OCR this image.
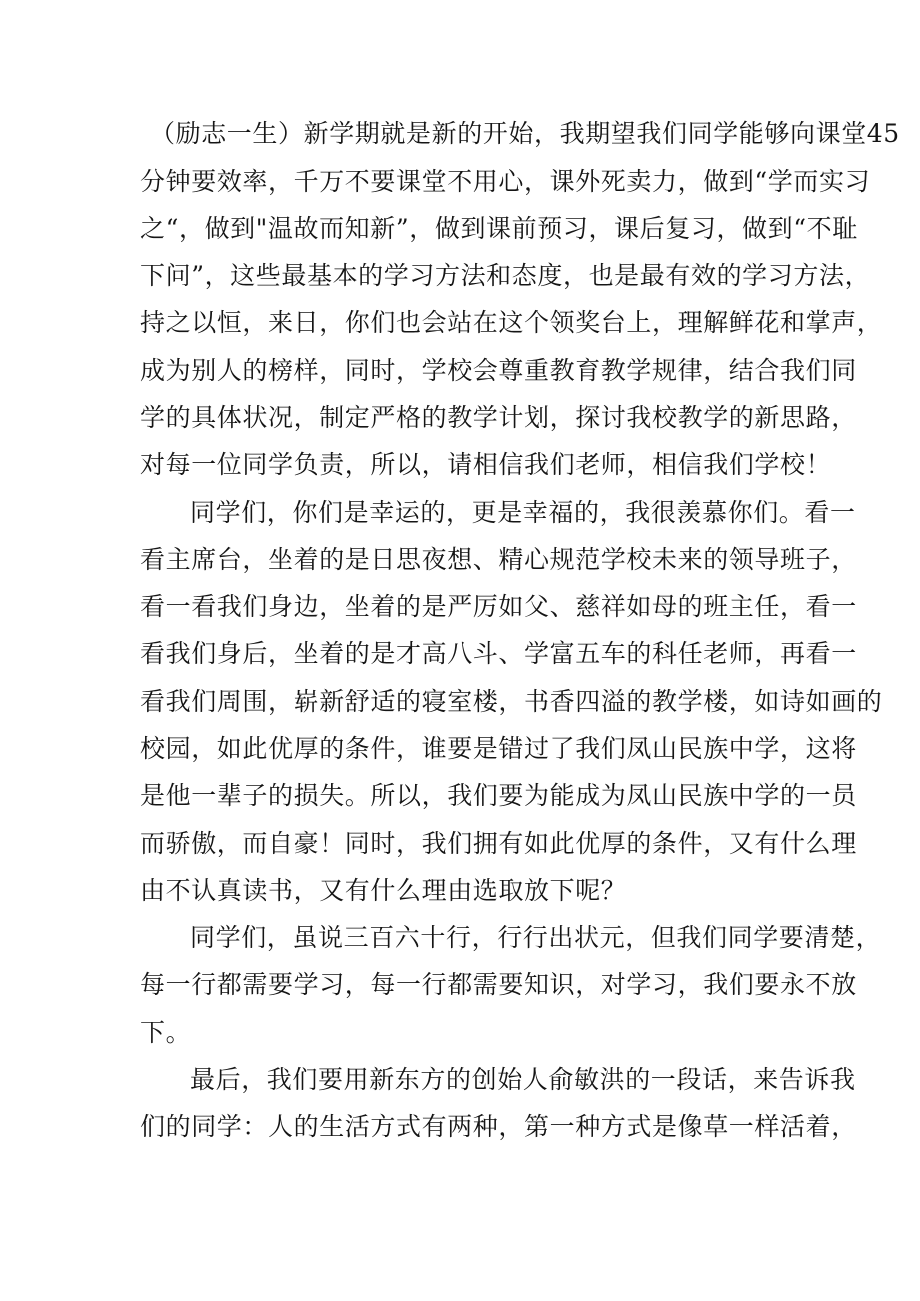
（励志一生）新学期就是新的开始，我期望我们同学能够向课堂45
分钟要效率，千万不要课堂不用心，课外死卖力，做到“学而实习
之“，做到"温故而知新”，做到课前预习，课后复习，做到“不耻
下问”，这些最基本的学习方法和态度，也是最有效的学习方法，
持之以恒，来日，你们也会站在这个领奖台上，理解鲜花和掌声，
成为别人的榜样，同时，学校会尊重教育教学规律，结合我们同
学的具体状况，制定严格的教学计划，探讨我校教学的新思路，
对每一位同学负责，所以，请相信我们老师，相信我们学校！
同学们，你们是幸运的，更是幸福的，我很羡慕你们。看一
看主席台，坐着的是日思夜想、精心规范学校未来的领导班子，
看一看我们身边，坐着的是严厉如父、慈祥如母的班主任，看一
看我们身后，坐着的是才高八斗、学富五车的科任老师，再看一
看我们周围，崭新舒适的寝室楼，书香四溢的教学楼，如诗如画的
校园，如此优厚的条件，谁要是错过了我们凤山民族中学，这将
是他一辈子的损失。所以，我们要为能成为凤山民族中学的一员
而骄傲，而自豪！同时，我们拥有如此优厚的条件，又有什么理
由不认真读书，又有什么理由选取放下呢？
同学们，虽说三百六十行，行行出状元，但我们同学要清楚，
每一行都需要学习，每一行都需要知识，对学习，我们要永不放
下。
最后，我们要用新东方的创始人俞敏洪的一段话，来告诉我
们的同学：人的生活方式有两种，第一种方式是像草一样活着，
